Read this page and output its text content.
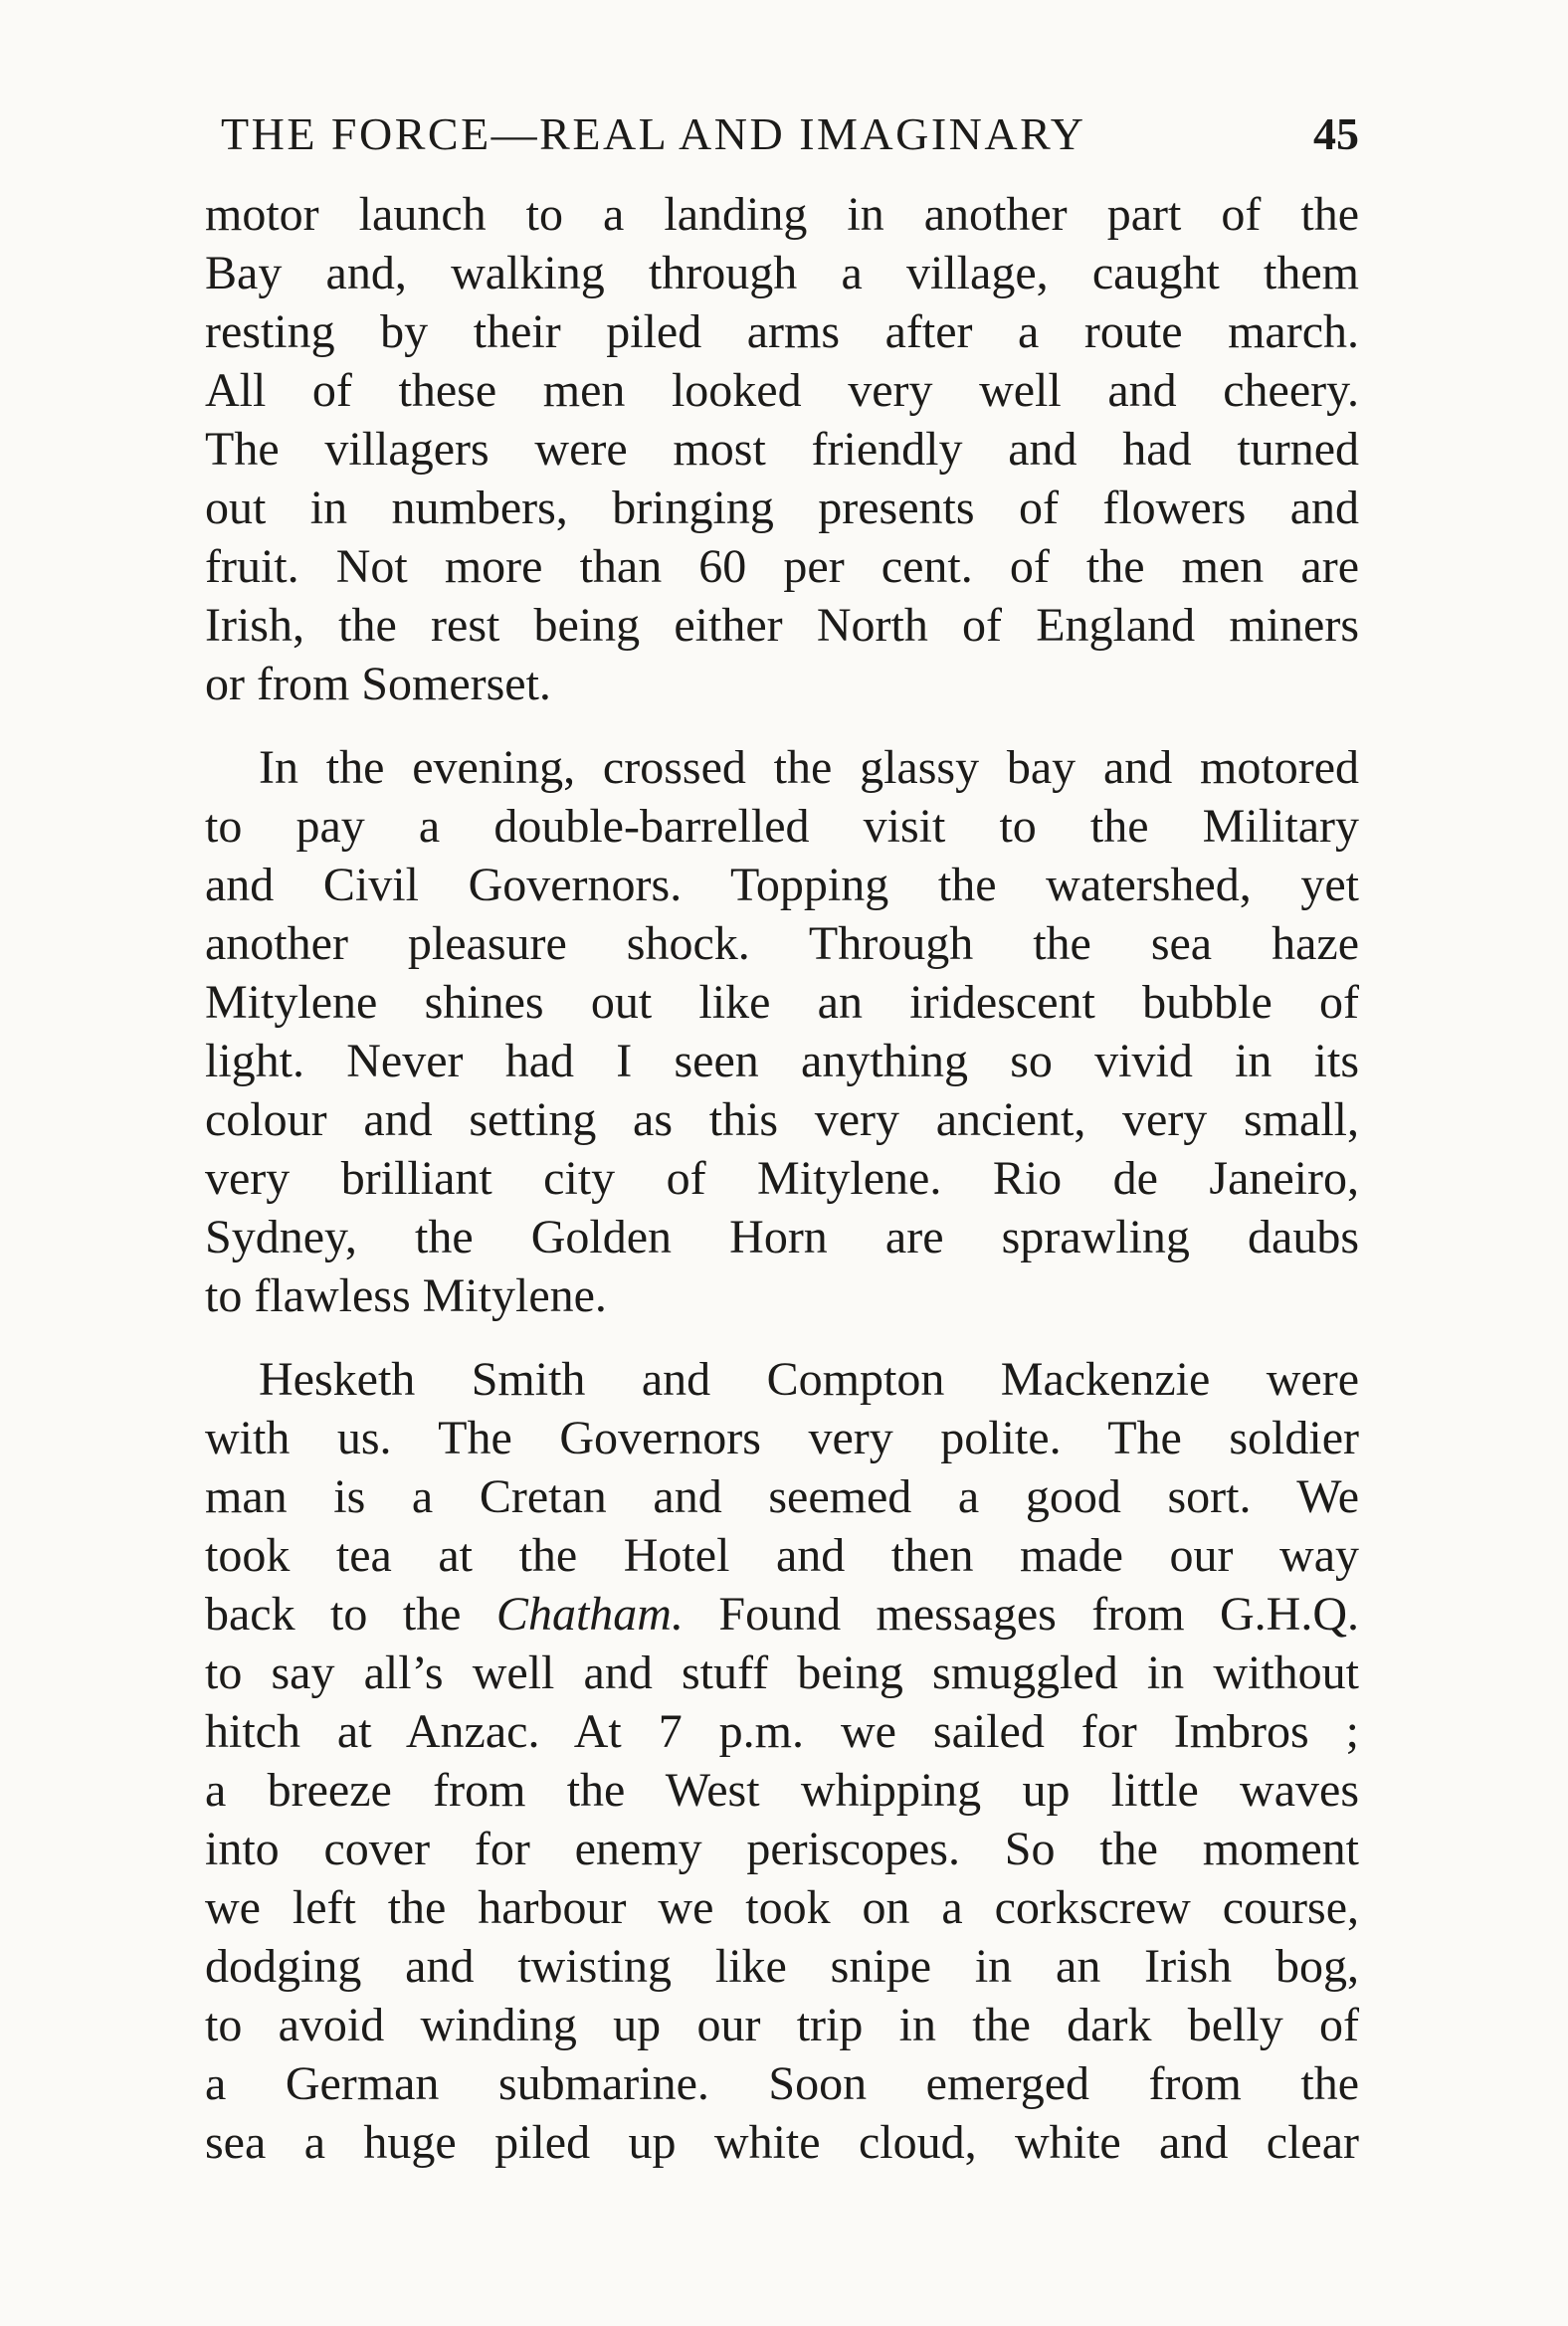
THE FORCE—REAL AND IMAGINARY	45
motor launch to a landing in another part of the
Bay and, walking through a village, caught them
resting by their piled arms after a route march.
All of these men looked very well and cheery.
The villagers were most friendly and had turned
out in numbers, bringing presents of flowers and
fruit. Not more than 60 per cent. of the men are
Irish, the rest being either North of England miners
or from Somerset.
In the evening, crossed the glassy bay and motored
to pay a double-barrelled visit to the Military
and Civil Governors. Topping the watershed, yet
another pleasure shock. Through the sea haze
Mitylene shines out like an iridescent bubble of
light. Never had I seen anything so vivid in its
colour and setting as this very ancient, very small,
very brilliant city of Mitylene. Rio de Janeiro,
Sydney, the Golden Horn are sprawling daubs
to flawless Mitylene.
Hesketh Smith and Compton Mackenzie were
with us. The Governors very polite. The soldier
man is a Cretan and seemed a good sort. We
took tea at the Hotel and then made our way
back to the Chatham. Found messages from G.H.Q.
to say all’s well and stuff being smuggled in without
hitch at Anzac. At 7 p.m. we sailed for Imbros ;
a breeze from the West whipping up little waves
into cover for enemy periscopes. So the moment
we left the harbour we took on a corkscrew course,
dodging and twisting like snipe in an Irish bog,
to avoid winding up our trip in the dark belly of
a German submarine. Soon emerged from the
sea a huge piled up white cloud, white and clear
